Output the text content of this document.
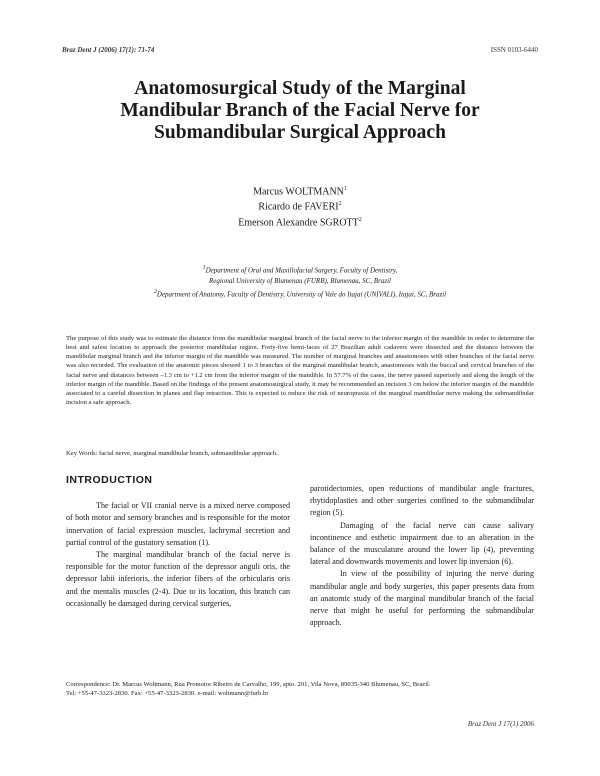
Braz Dent J (2006) 17(1): 71-74	ISSN 0103-6440
Anatomosurgical Study of the Marginal
Mandibular Branch of the Facial Nerve for
Submandibular Surgical Approach
Marcus WOLTMANN$^1$
Ricardo de FAVERI$^2$
Emerson Alexandre SGROTT$^2$
$^1$Department of Oral and Maxillofacial Surgery, Faculty of Dentistry,
Regional University of Blumenau (FURB), Blumenau, SC, Brazil
$^2$Department of Anatomy, Faculty of Dentistry, University of Vale do Itajaí (UNIVALI), Itajaí, SC, Brazil
The purpose of this study was to estimate the distance from the mandibular marginal branch of the facial nerve to the inferior margin of the mandible in order to determine the best and safest location to approach the posterior mandibular region. Forty-five hemi-faces of 27 Brazilian adult cadavers were dissected and the distance between the mandibular marginal branch and the inferior margin of the mandible was measured. The number of marginal branches and anastomoses with other branches of the facial nerve was also recorded. The evaluation of the anatomic pieces showed 1 to 3 branches of the marginal mandibular branch, anastomoses with the buccal and cervical branches of the facial nerve and distances between –1.3 cm to +1.2 cm from the inferior margin of the mandible. In 57.7% of the cases, the nerve passed superiorly and along the length of the inferior margin of the mandible. Based on the findings of the present anatomosurgical study, it may be recommended an incision 3 cm below the inferior margin of the mandible associated to a careful dissection in planes and flap retraction. This is expected to reduce the risk of neuropraxia of the marginal mandibular nerve making the submandibular incision a safe approach.
Key Words: facial nerve, marginal mandibular branch, submandibular approach.

INTRODUCTION

The facial or VII cranial nerve is a mixed nerve composed of both motor and sensory branches and is responsible for the motor innervation of facial expression muscles, lachrymal secretion and partial control of the gustatory sensation (1).

The marginal mandibular branch of the facial nerve is responsible for the motor function of the depressor anguli oris, the depressor labii inferioris, the inferior fibers of the orbicularis oris and the mentalis muscles (2-4). Due to its location, this branch can occasionally be damaged during cervical surgeries,

parotidectomies, open reductions of mandibular angle fractures, rhytidoplasties and other surgeries confined to the submandibular region (5).

Damaging of the facial nerve can cause salivary incontinence and esthetic impairment due to an alteration in the balance of the musculature around the lower lip (4), preventing lateral and downwards movements and lower lip inversion (6).

In view of the possibility of injuring the nerve during mandibular angle and body surgeries, this paper presents data from an anatomic study of the marginal mandibular branch of the facial nerve that might be useful for performing the submandibular approach.

Correspondence: Dr. Marcus Woltmann, Rua Promotor Ribeiro de Carvalho, 199, apto. 201, Vila Nova, 89035-340 Blumenau, SC, Brazil.
Tel: +55-47-3323-2830. Fax: +55-47-3323-2830. e-mail: woltmann@furb.br
Braz Dent J 17(1) 2006
